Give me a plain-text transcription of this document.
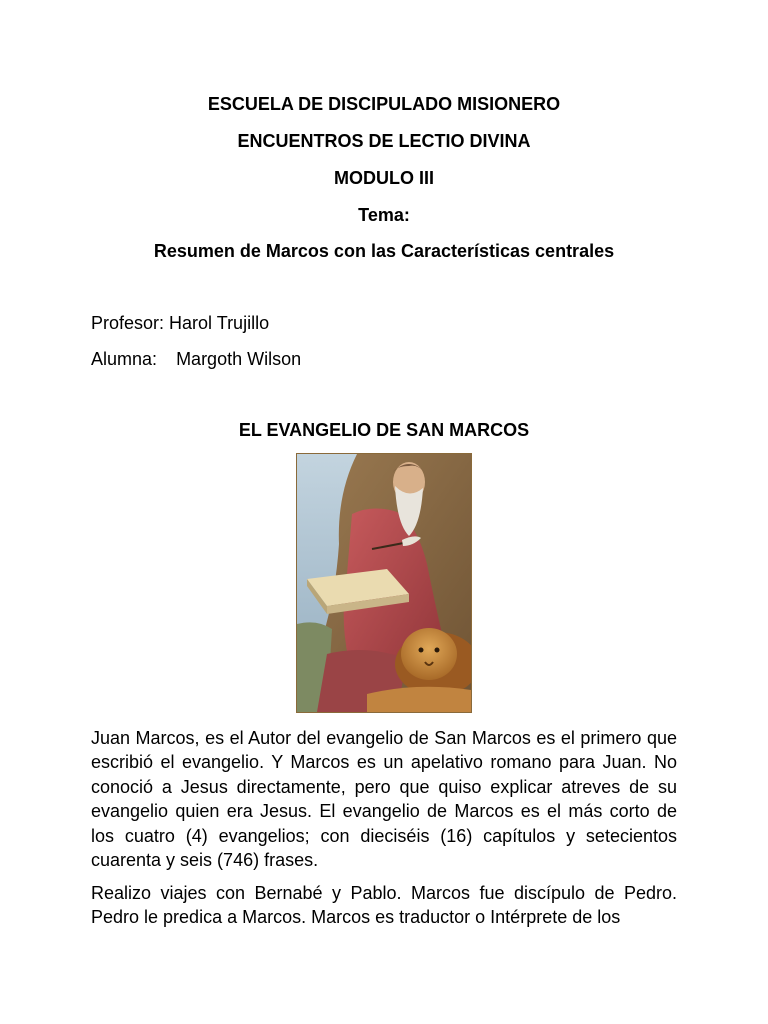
ESCUELA DE DISCIPULADO MISIONERO
ENCUENTROS DE LECTIO DIVINA
MODULO III
Tema:
Resumen de Marcos con las Características centrales
Profesor: Harol Trujillo
Alumna: Margoth Wilson
EL EVANGELIO DE SAN MARCOS

Juan Marcos, es el Autor del evangelio de San Marcos es el primero que escribió el evangelio. Y Marcos es un apelativo romano para Juan. No conoció a Jesus directamente, pero que quiso explicar atreves de su evangelio quien era Jesus. El evangelio de Marcos es el más corto de los cuatro (4) evangelios; con dieciséis (16) capítulos y setecientos cuarenta y seis (746) frases.

Realizo viajes con Bernabé y Pablo. Marcos fue discípulo de Pedro. Pedro le predica a Marcos. Marcos es traductor o Intérprete de los
